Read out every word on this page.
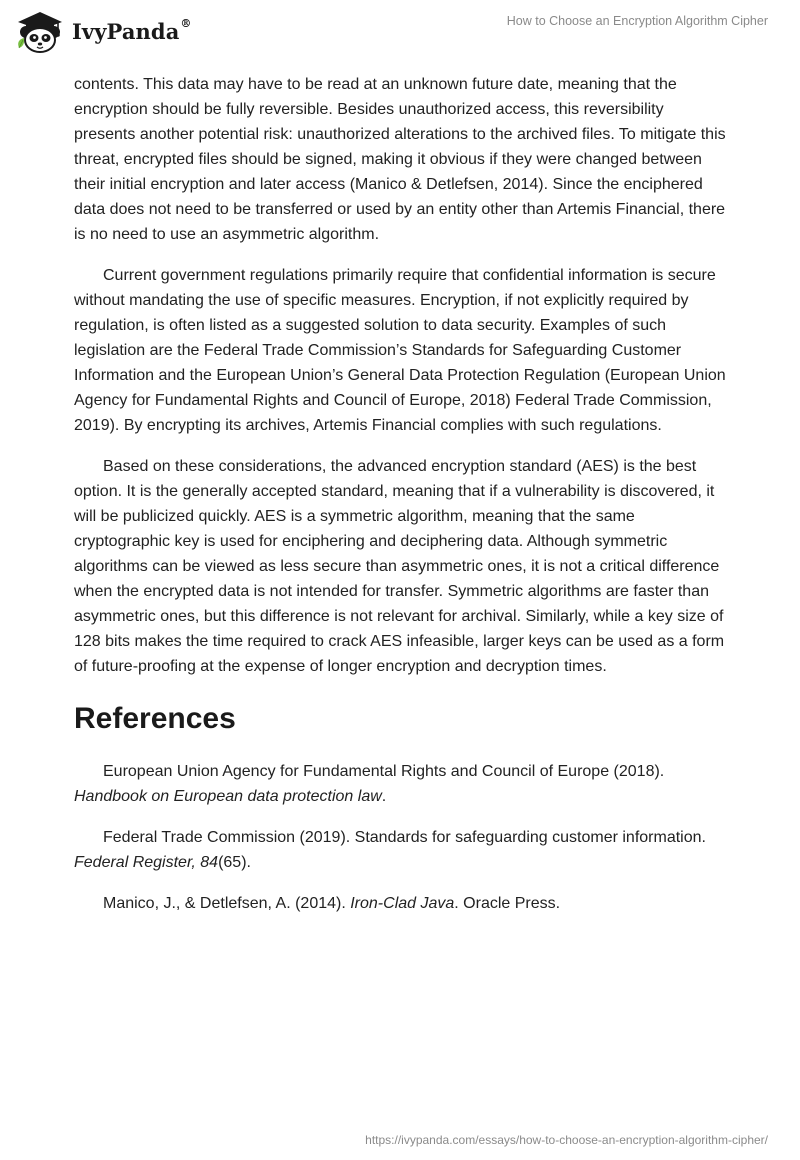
IvyPanda®	How to Choose an Encryption Algorithm Cipher

contents. This data may have to be read at an unknown future date, meaning that the encryption should be fully reversible. Besides unauthorized access, this reversibility presents another potential risk: unauthorized alterations to the archived files. To mitigate this threat, encrypted files should be signed, making it obvious if they were changed between their initial encryption and later access (Manico & Detlefsen, 2014). Since the enciphered data does not need to be transferred or used by an entity other than Artemis Financial, there is no need to use an asymmetric algorithm.

Current government regulations primarily require that confidential information is secure without mandating the use of specific measures. Encryption, if not explicitly required by regulation, is often listed as a suggested solution to data security. Examples of such legislation are the Federal Trade Commission’s Standards for Safeguarding Customer Information and the European Union’s General Data Protection Regulation (European Union Agency for Fundamental Rights and Council of Europe, 2018) Federal Trade Commission, 2019). By encrypting its archives, Artemis Financial complies with such regulations.

Based on these considerations, the advanced encryption standard (AES) is the best option. It is the generally accepted standard, meaning that if a vulnerability is discovered, it will be publicized quickly. AES is a symmetric algorithm, meaning that the same cryptographic key is used for enciphering and deciphering data. Although symmetric algorithms can be viewed as less secure than asymmetric ones, it is not a critical difference when the encrypted data is not intended for transfer. Symmetric algorithms are faster than asymmetric ones, but this difference is not relevant for archival. Similarly, while a key size of 128 bits makes the time required to crack AES infeasible, larger keys can be used as a form of future-proofing at the expense of longer encryption and decryption times.

References
European Union Agency for Fundamental Rights and Council of Europe (2018). Handbook on European data protection law.
Federal Trade Commission (2019). Standards for safeguarding customer information. Federal Register, 84(65).
Manico, J., & Detlefsen, A. (2014). Iron-Clad Java. Oracle Press.
https://ivypanda.com/essays/how-to-choose-an-encryption-algorithm-cipher/
